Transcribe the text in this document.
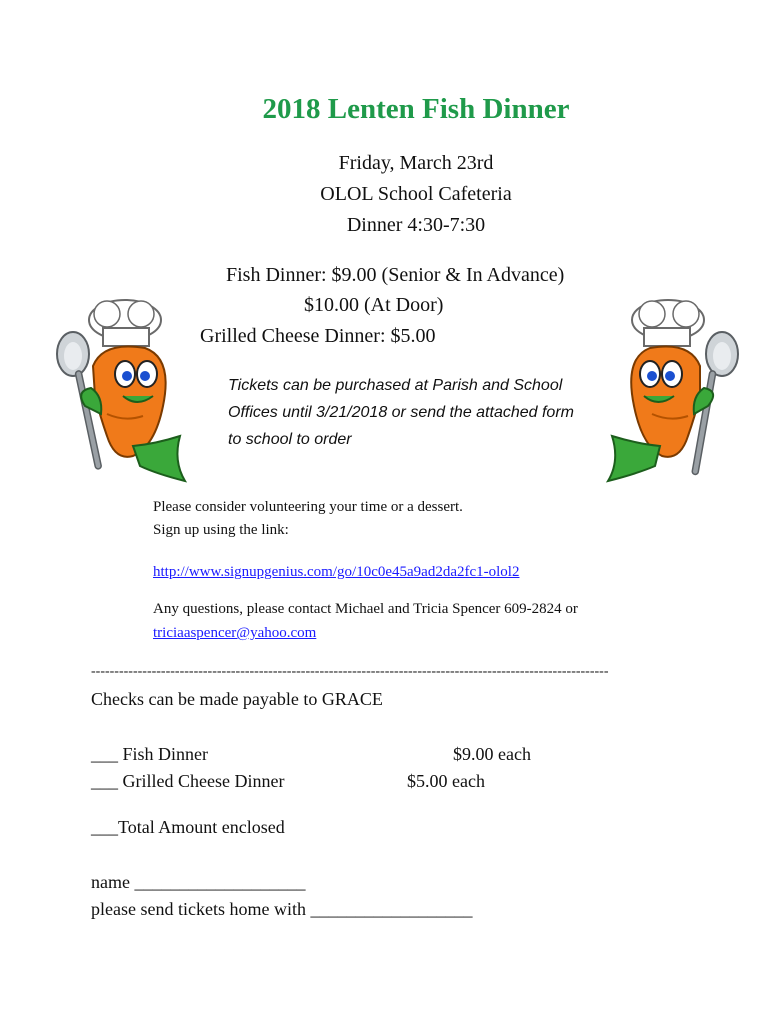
2018 Lenten Fish Dinner
Friday, March 23rd
OLOL School Cafeteria
Dinner 4:30-7:30
Fish Dinner: $9.00 (Senior & In Advance)
$10.00 (At Door)
Grilled Cheese Dinner: $5.00
Tickets can be purchased at Parish and School
Offices until 3/21/2018 or send the attached form
to school to order
Please consider volunteering your time or a dessert.
Sign up using the link:
http://www.signupgenius.com/go/10c0e45a9ad2da2fc1-olol2
Any questions, please contact Michael and Tricia Spencer 609-2824 or
triciaaspencer@yahoo.com
---------------------------------------------------------------------------------------------------------------
Checks can be made payable to GRACE
___ Fish Dinner	$9.00 each
___ Grilled Cheese Dinner	$5.00 each
___Total Amount enclosed
name ___________________
please send tickets home with __________________
